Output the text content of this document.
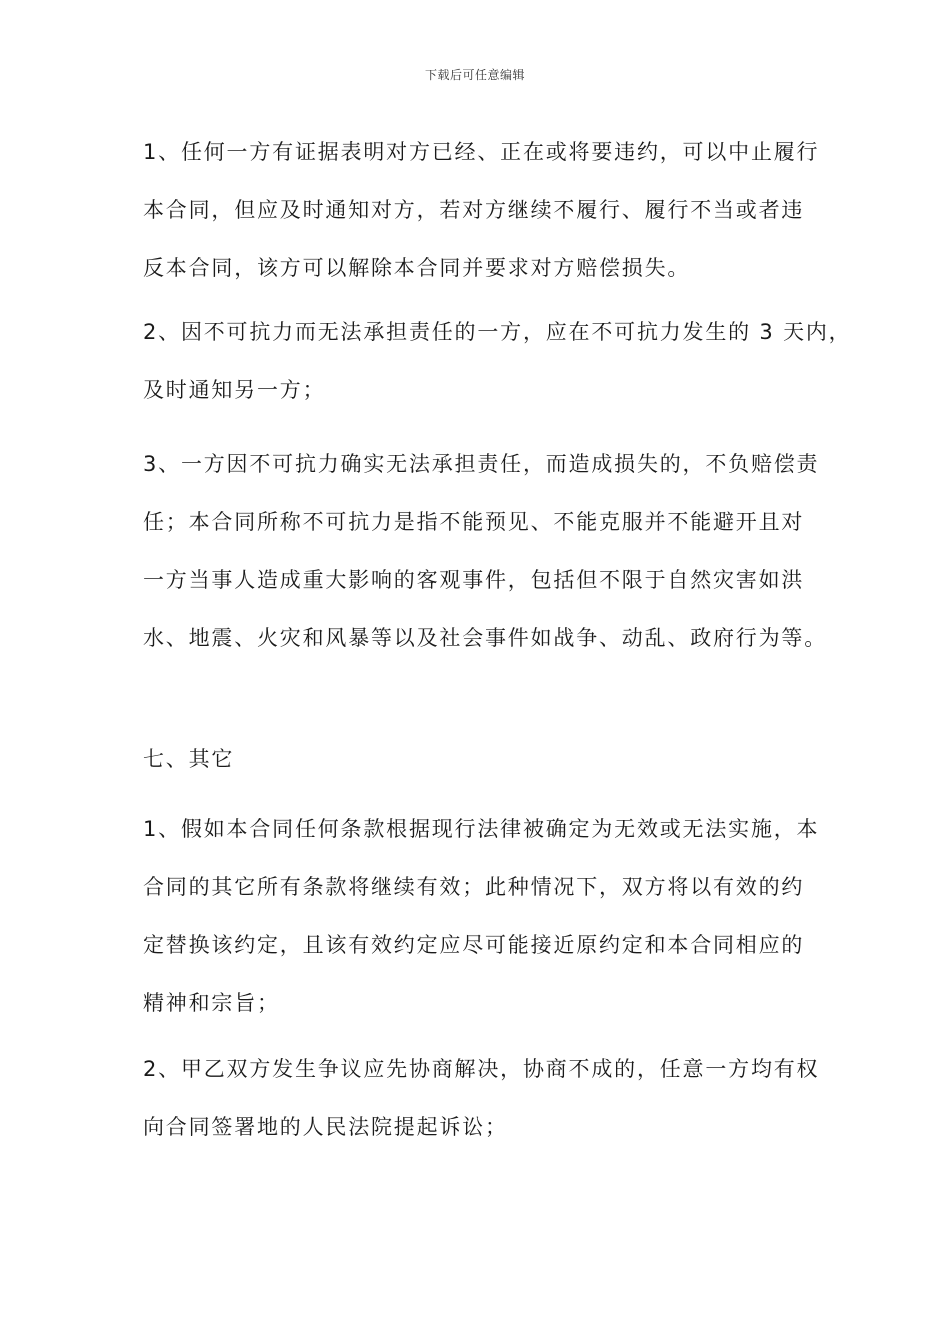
下载后可任意编辑
1、任何一方有证据表明对方已经、正在或将要违约，可以中止履行
本合同，但应及时通知对方，若对方继续不履行、履行不当或者违
反本合同，该方可以解除本合同并要求对方赔偿损失。
2、因不可抗力而无法承担责任的一方，应在不可抗力发生的 3 天内，
及时通知另一方；
3、一方因不可抗力确实无法承担责任，而造成损失的，不负赔偿责
任；本合同所称不可抗力是指不能预见、不能克服并不能避开且对
一方当事人造成重大影响的客观事件，包括但不限于自然灾害如洪
水、地震、火灾和风暴等以及社会事件如战争、动乱、政府行为等。
七、其它
1、假如本合同任何条款根据现行法律被确定为无效或无法实施，本
合同的其它所有条款将继续有效；此种情况下，双方将以有效的约
定替换该约定，且该有效约定应尽可能接近原约定和本合同相应的
精神和宗旨；
2、甲乙双方发生争议应先协商解决，协商不成的，任意一方均有权
向合同签署地的人民法院提起诉讼；
